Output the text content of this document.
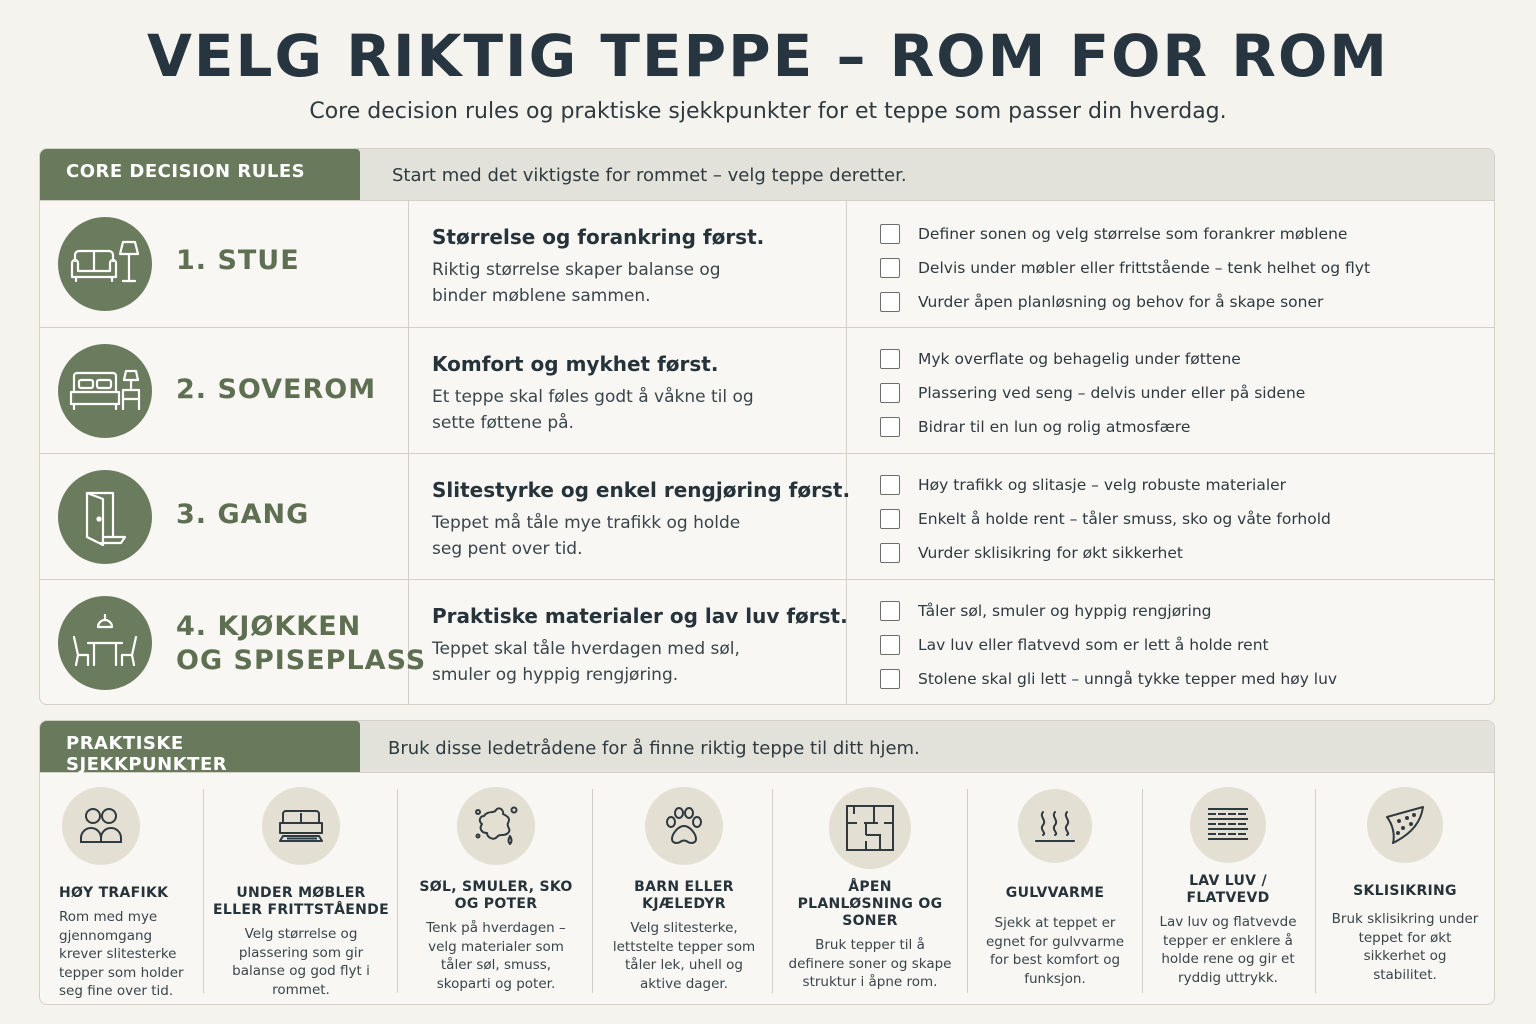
VELG RIKTIG TEPPE – ROM FOR ROM
Core decision rules og praktiske sjekkpunkter for et teppe som passer din hverdag.
CORE DECISION RULES	Start med det viktigste for rommet – velg teppe deretter.
1. STUE
Størrelse og forankring først.
Riktig størrelse skaper balanse og binder møblene sammen.
Definer sonen og velg størrelse som forankrer møblene
Delvis under møbler eller frittstående – tenk helhet og flyt
Vurder åpen planløsning og behov for å skape soner
2. SOVEROM
Komfort og mykhet først.
Et teppe skal føles godt å våkne til og sette føttene på.
Myk overflate og behagelig under føttene
Plassering ved seng – delvis under eller på sidene
Bidrar til en lun og rolig atmosfære
3. GANG
Slitestyrke og enkel rengjøring først.
Teppet må tåle mye trafikk og holde seg pent over tid.
Høy trafikk og slitasje – velg robuste materialer
Enkelt å holde rent – tåler smuss, sko og våte forhold
Vurder sklisikring for økt sikkerhet
4. KJØKKEN
OG SPISEPLASS
Praktiske materialer og lav luv først.
Teppet skal tåle hverdagen med søl, smuler og hyppig rengjøring.
Tåler søl, smuler og hyppig rengjøring
Lav luv eller flatvevd som er lett å holde rent
Stolene skal gli lett – unngå tykke tepper med høy luv
PRAKTISKE SJEKKPUNKTER
Bruk disse ledetrådene for å finne riktig teppe til ditt hjem.
HØY TRAFIKK
Rom med mye gjennomgang krever slitesterke tepper som holder seg fine over tid.
UNDER MØBLER ELLER FRITTSTÅENDE
Velg størrelse og plassering som gir balanse og god flyt i rommet.
SØL, SMULER, SKO OG POTER
Tenk på hverdagen – velg materialer som tåler søl, smuss, skoparti og poter.
BARN ELLER KJÆLEDYR
Velg slitesterke, lettstelte tepper som tåler lek, uhell og aktive dager.
ÅPEN PLANLØSNING OG SONER
Bruk tepper til å definere soner og skape struktur i åpne rom.
GULVVARME
Sjekk at teppet er egnet for gulvvarme for best komfort og funksjon.
LAV LUV / FLATVEVD
Lav luv og flatvevde tepper er enklere å holde rene og gir et ryddig uttrykk.
SKLISIKRING
Bruk sklisikring under teppet for økt sikkerhet og stabilitet.
